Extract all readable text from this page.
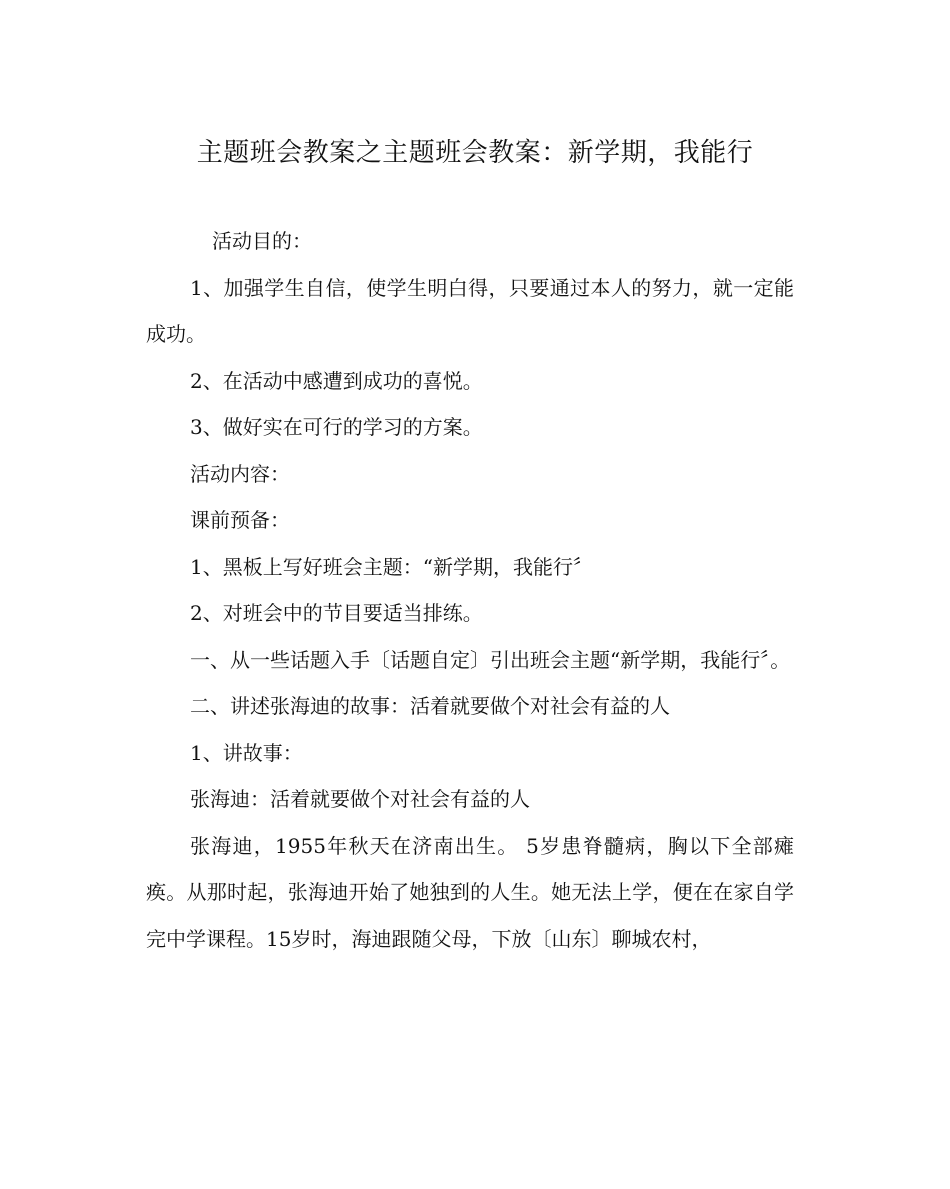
主题班会教案之主题班会教案：新学期，我能行

活动目的：

1、加强学生自信，使学生明白得，只要通过本人的努力，就一定能成功。

2、在活动中感遭到成功的喜悦。

3、做好实在可行的学习的方案。

活动内容：

课前预备：

1、黑板上写好班会主题：“新学期，我能行〞

2、对班会中的节目要适当排练。

一、从一些话题入手〔话题自定〕引出班会主题“新学期，我能行〞。

二、讲述张海迪的故事：活着就要做个对社会有益的人

1、讲故事：

张海迪：活着就要做个对社会有益的人

张海迪，1955年秋天在济南出生。 5岁患脊髓病，胸以下全部瘫痪。从那时起，张海迪开始了她独到的人生。她无法上学，便在在家自学完中学课程。15岁时，海迪跟随父母，下放〔山东〕聊城农村，
